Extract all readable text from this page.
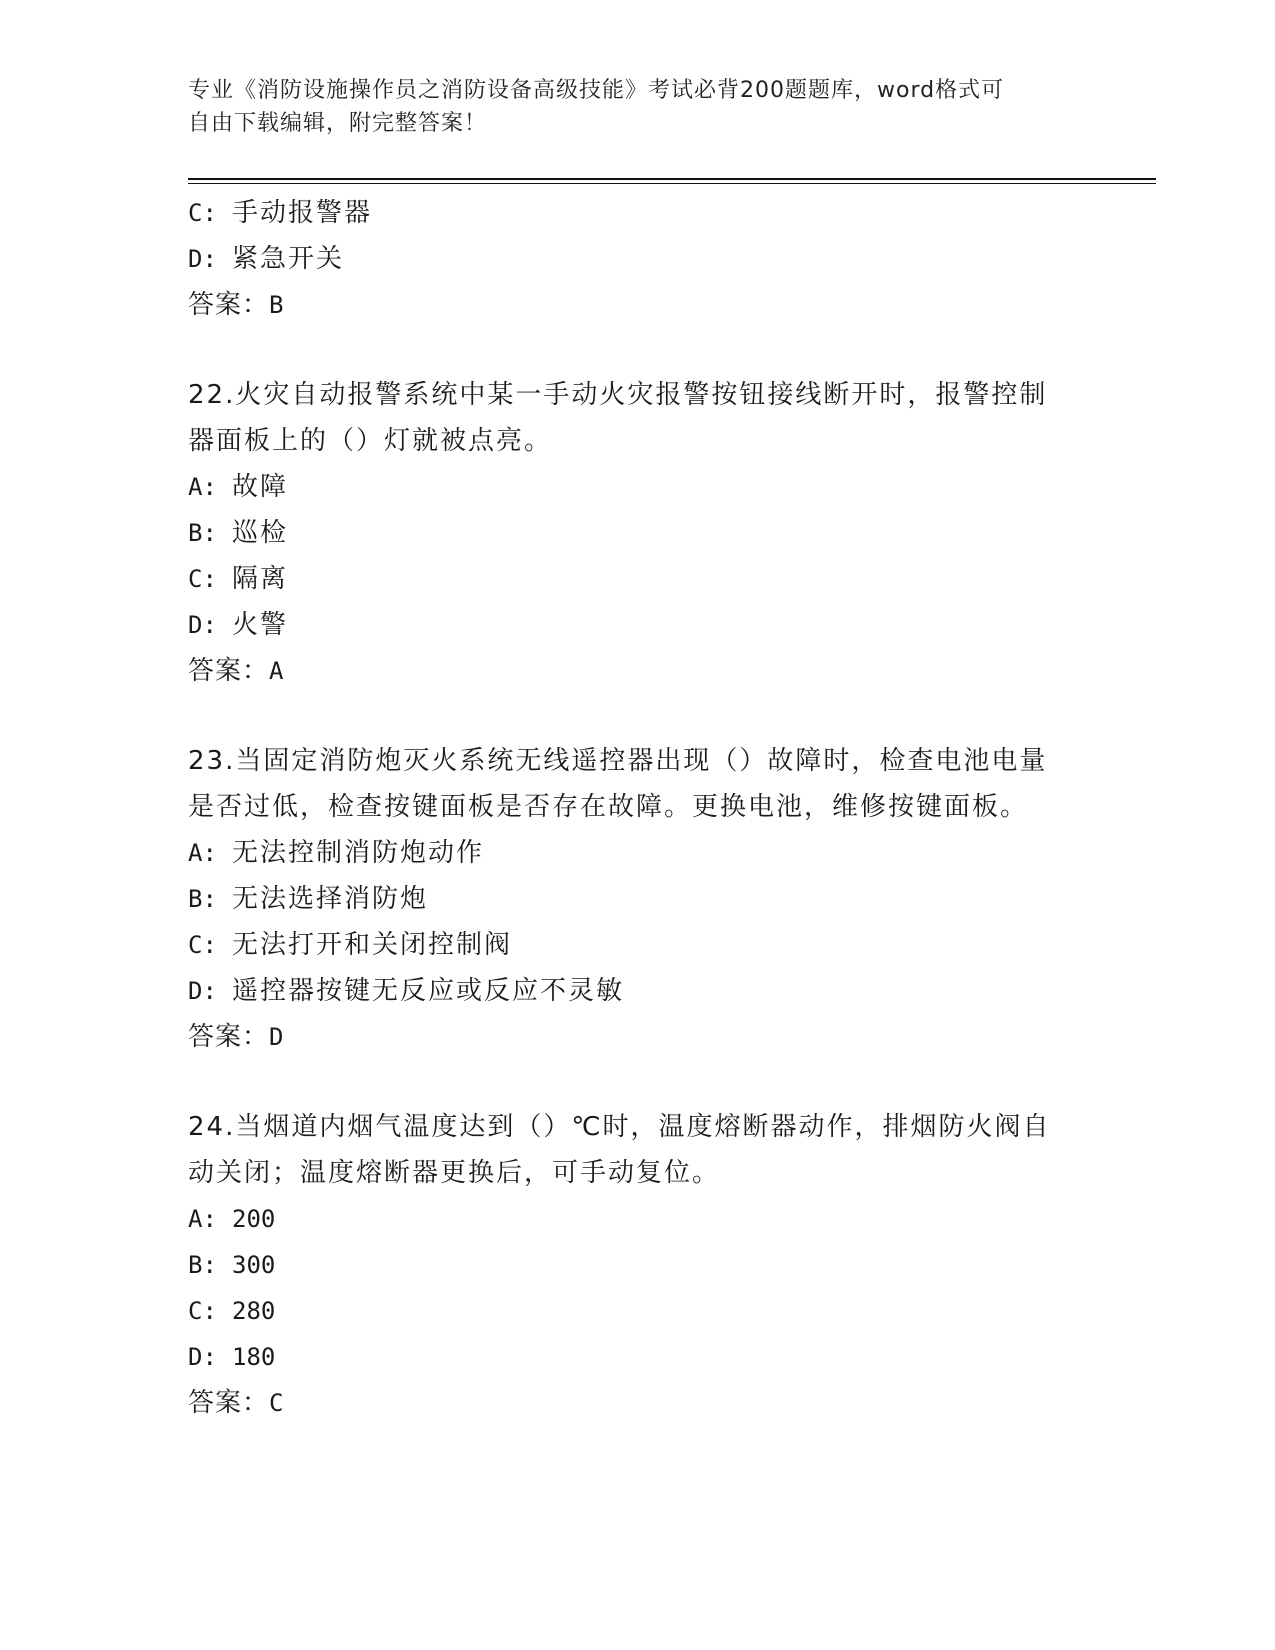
专业《消防设施操作员之消防设备高级技能》考试必背200题题库，word格式可
自由下载编辑，附完整答案！
C: 手动报警器
D: 紧急开关
答案：B
22.火灾自动报警系统中某一手动火灾报警按钮接线断开时，报警控制
器面板上的（）灯就被点亮。
A: 故障
B: 巡检
C: 隔离
D: 火警
答案：A
23.当固定消防炮灭火系统无线遥控器出现（）故障时，检查电池电量
是否过低，检查按键面板是否存在故障。更换电池，维修按键面板。
A: 无法控制消防炮动作
B: 无法选择消防炮
C: 无法打开和关闭控制阀
D: 遥控器按键无反应或反应不灵敏
答案：D
24.当烟道内烟气温度达到（）℃时，温度熔断器动作，排烟防火阀自
动关闭；温度熔断器更换后，可手动复位。
A: 200
B: 300
C: 280
D: 180
答案：C
